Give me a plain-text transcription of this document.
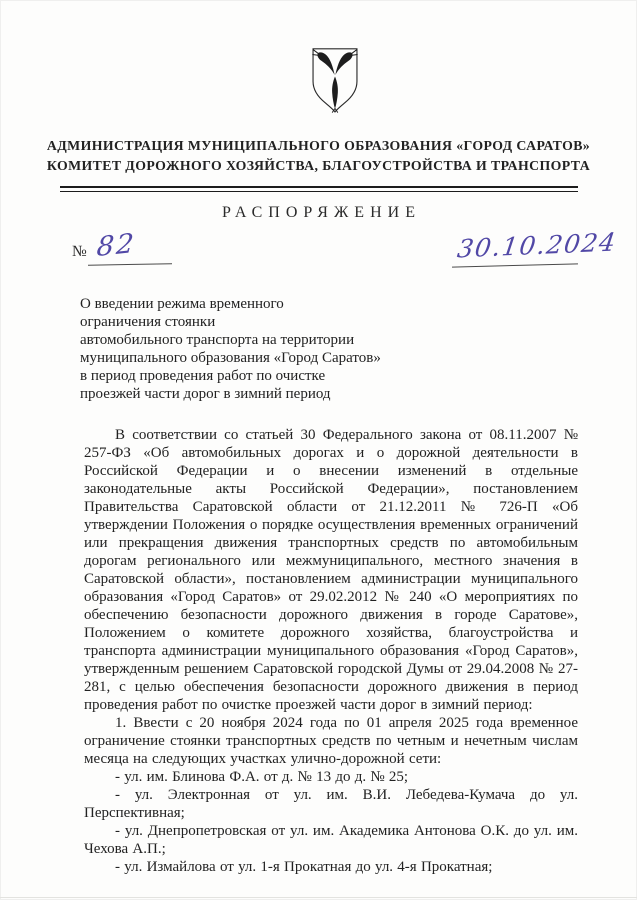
АДМИНИСТРАЦИЯ МУНИЦИПАЛЬНОГО ОБРАЗОВАНИЯ «ГОРОД САРАТОВ»
КОМИТЕТ ДОРОЖНОГО ХОЗЯЙСТВА, БЛАГОУСТРОЙСТВА И ТРАНСПОРТА
РАСПОРЯЖЕНИЕ
№ 82	30.10.2024
О введении режима временного
ограничения стоянки
автомобильного транспорта на территории
муниципального образования «Город Саратов»
в период проведения работ по очистке
проезжей части дорог в зимний период

В соответствии со статьей 30 Федерального закона от 08.11.2007 № 257-ФЗ «Об автомобильных дорогах и о дорожной деятельности в Российской Федерации и о внесении изменений в отдельные законодательные акты Российской Федерации», постановлением Правительства Саратовской области от 21.12.2011 № 726-П «Об утверждении Положения о порядке осуществления временных ограничений или прекращения движения транспортных средств по автомобильным дорогам регионального или межмуниципального, местного значения в Саратовской области», постановлением администрации муниципального образования «Город Саратов» от 29.02.2012 № 240 «О мероприятиях по обеспечению безопасности дорожного движения в городе Саратове», Положением о комитете дорожного хозяйства, благоустройства и транспорта администрации муниципального образования «Город Саратов», утвержденным решением Саратовской городской Думы от 29.04.2008 № 27-281, с целью обеспечения безопасности дорожного движения в период проведения работ по очистке проезжей части дорог в зимний период:

1. Ввести с 20 ноября 2024 года по 01 апреля 2025 года временное ограничение стоянки транспортных средств по четным и нечетным числам месяца на следующих участках улично-дорожной сети:

- ул. им. Блинова Ф.А. от д. № 13 до д. № 25;

- ул. Электронная от ул. им. В.И. Лебедева-Кумача до ул. Перспективная;

- ул. Днепропетровская от ул. им. Академика Антонова О.К. до ул. им. Чехова А.П.;

- ул. Измайлова от ул. 1-я Прокатная до ул. 4-я Прокатная;
